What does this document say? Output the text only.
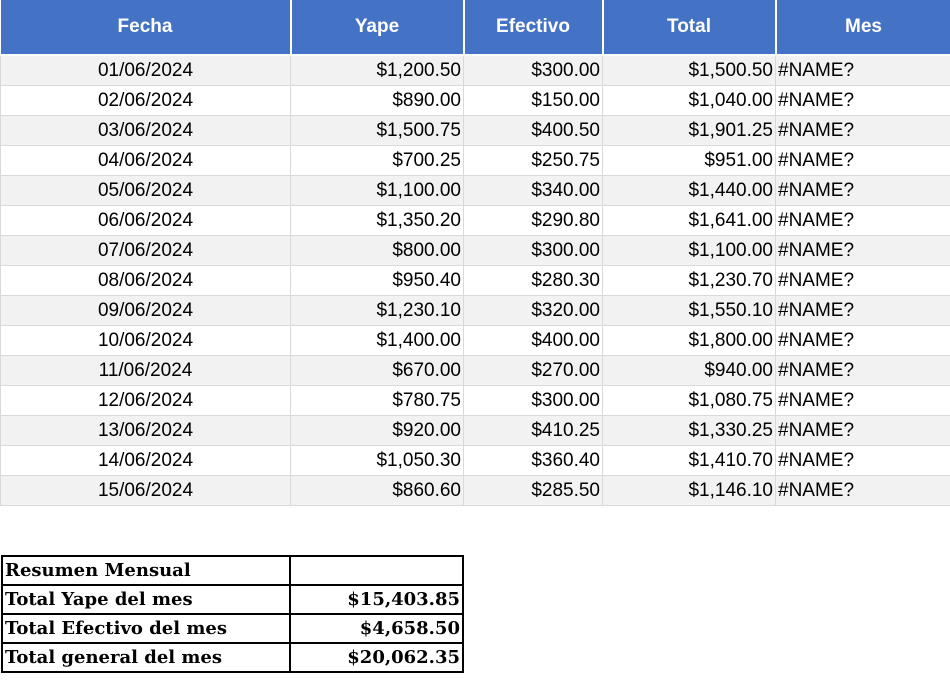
Fecha	Yape	Efectivo	Total	Mes
01/06/2024	$1,200.50	$300.00	$1,500.50	#NAME?
02/06/2024	$890.00	$150.00	$1,040.00	#NAME?
03/06/2024	$1,500.75	$400.50	$1,901.25	#NAME?
04/06/2024	$700.25	$250.75	$951.00	#NAME?
05/06/2024	$1,100.00	$340.00	$1,440.00	#NAME?
06/06/2024	$1,350.20	$290.80	$1,641.00	#NAME?
07/06/2024	$800.00	$300.00	$1,100.00	#NAME?
08/06/2024	$950.40	$280.30	$1,230.70	#NAME?
09/06/2024	$1,230.10	$320.00	$1,550.10	#NAME?
10/06/2024	$1,400.00	$400.00	$1,800.00	#NAME?
11/06/2024	$670.00	$270.00	$940.00	#NAME?
12/06/2024	$780.75	$300.00	$1,080.75	#NAME?
13/06/2024	$920.00	$410.25	$1,330.25	#NAME?
14/06/2024	$1,050.30	$360.40	$1,410.70	#NAME?
15/06/2024	$860.60	$285.50	$1,146.10	#NAME?
Resumen Mensual	
Total Yape del mes	$15,403.85
Total Efectivo del mes	$4,658.50
Total general del mes	$20,062.35
